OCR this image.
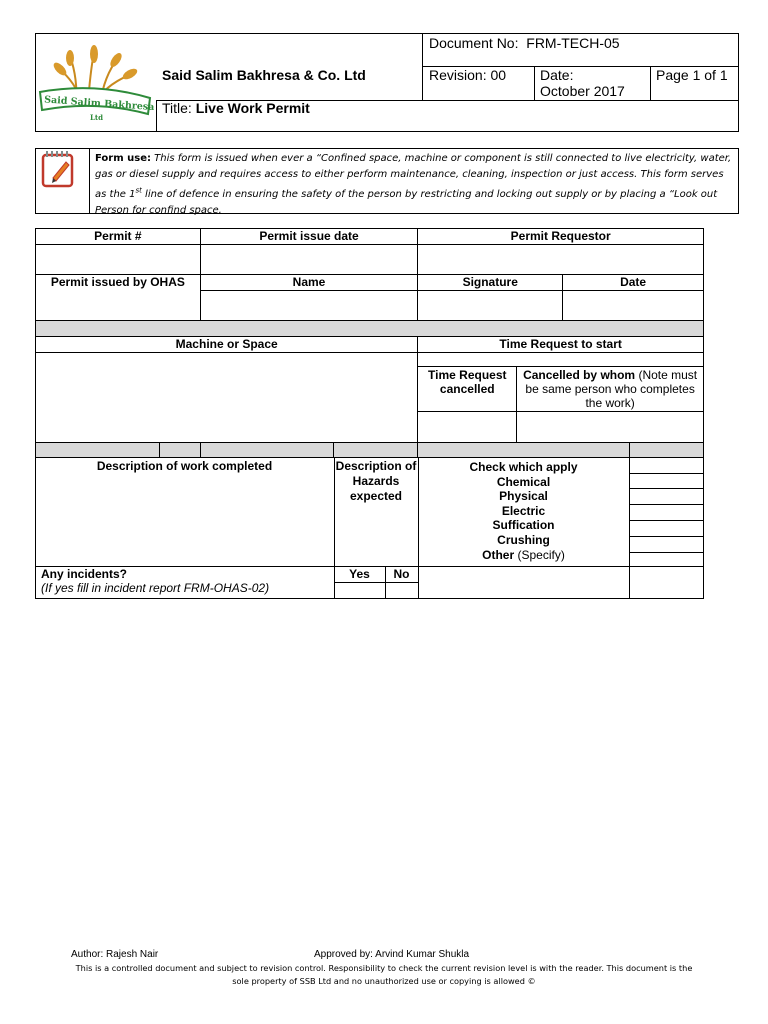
Said Salim Bakhresa
Ltd
Said Salim Bakhresa & Co. Ltd
Document No: FRM-TECH-05
Revision: 00 Date:
October 2017
Page 1 of 1
Title: Live Work Permit
Form use: This form is issued when ever a “Confined space, machine or component is still connected to live electricity, water, gas or diesel supply and requires access to either perform maintenance, cleaning, inspection or just access. This form serves as the 1st line of defence in ensuring the safety of the person by restricting and locking out supply or by placing a “Look out Person for confind space.
Permit #		Permit issue date		Permit Requestor			

Permit issued by OHAS		Name		Signature		Date	

Machine or Space				Time Request to start			

				Time Request cancelled	Cancelled by whom (Note must be same person who completes the work)		

Description of work completed	Description of Hazards expected
Check which apply
Chemical
Physical
Electric
Suffication
Crushing
Other (Specify)
Any incidents?
(If yes fill in incident report FRM-OHAS-02)
Yes	No
Author: Rajesh Nair	Approved by: Arvind Kumar Shukla
This is a controlled document and subject to revision control. Responsibility to check the current revision level is with the reader. This document is the
sole property of SSB Ltd and no unauthorized use or copying is allowed ©
